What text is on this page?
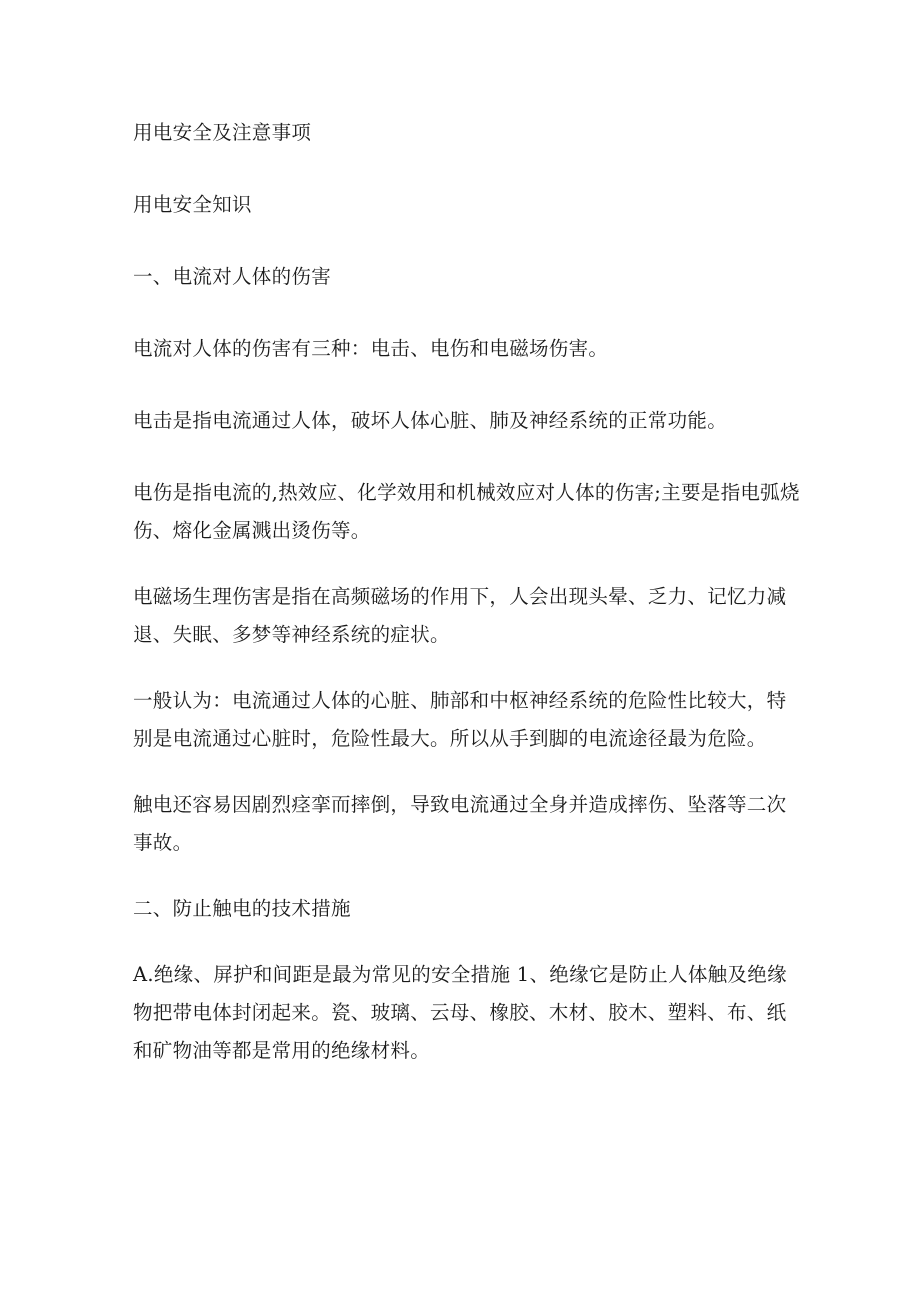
用电安全及注意事项

用电安全知识

一、电流对人体的伤害

电流对人体的伤害有三种：电击、电伤和电磁场伤害。

电击是指电流通过人体，破坏人体心脏、肺及神经系统的正常功能。

电伤是指电流的,热效应、化学效用和机械效应对人体的伤害;主要是指电弧烧伤、熔化金属溅出烫伤等。

电磁场生理伤害是指在高频磁场的作用下，人会出现头晕、乏力、记忆力减退、失眠、多梦等神经系统的症状。

一般认为：电流通过人体的心脏、肺部和中枢神经系统的危险性比较大，特别是电流通过心脏时，危险性最大。所以从手到脚的电流途径最为危险。

触电还容易因剧烈痉挛而摔倒，导致电流通过全身并造成摔伤、坠落等二次事故。

二、防止触电的技术措施

A.绝缘、屏护和间距是最为常见的安全措施 1、绝缘它是防止人体触及绝缘物把带电体封闭起来。瓷、玻璃、云母、橡胶、木材、胶木、塑料、布、纸和矿物油等都是常用的绝缘材料。
